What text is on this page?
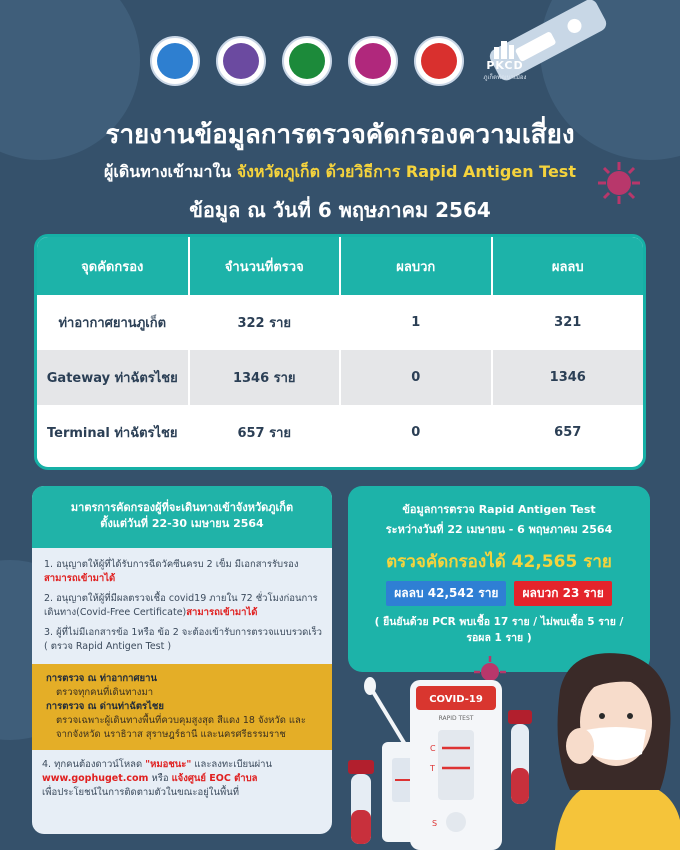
PKCD
ภูเก็ตพัฒนาเมือง
รายงานข้อมูลการตรวจคัดกรองความเสี่ยง
ผู้เดินทางเข้ามาใน จังหวัดภูเก็ต ด้วยวิธีการ Rapid Antigen Test
ข้อมูล ณ วันที่ 6 พฤษภาคม 2564
จุดคัดกรอง	จำนวนที่ตรวจ	ผลบวก	ผลลบ
ท่าอากาศยานภูเก็ต	322 ราย	1	321
Gateway ท่าฉัตรไชย	1346 ราย	0	1346
Terminal ท่าฉัตรไชย	657 ราย	0	657
มาตรการคัดกรองผู้ที่จะเดินทางเข้าจังหวัดภูเก็ต
ตั้งแต่วันที่ 22-30 เมษายน 2564

1. อนุญาตให้ผู้ที่ได้รับการฉีดวัคซีนครบ 2 เข็ม มีเอกสารรับรอง สามารถเข้ามาได้

2. อนุญาตให้ผู้ที่มีผลตรวจเชื้อ covid19 ภายใน 72 ชั่วโมงก่อนการเดินทาง(Covid-Free Certificate)สามารถเข้ามาได้

3. ผู้ที่ไม่มีเอกสารข้อ 1หรือ ข้อ 2 จะต้องเข้ารับการตรวจแบบรวดเร็ว ( ตรวจ Rapid Antigen Test )

การตรวจ ณ ท่าอากาศยาน
ตรวจทุกคนที่เดินทางมา
การตรวจ ณ ด่านท่าฉัตรไชย
ตรวจเฉพาะผู้เดินทางพื้นที่ควบคุมสูงสุด สีแดง 18 จังหวัด และจากจังหวัด นราธิวาส สุราษฎร์ธานี และนครศรีธรรมราช
4. ทุกคนต้องดาวน์โหลด "หมอชนะ" และลงทะเบียนผ่าน
www.gophuget.com หรือ แจ้งศูนย์ EOC ตำบล
เพื่อประโยชน์ในการติดตามตัวในขณะอยู่ในพื้นที่
ข้อมูลการตรวจ Rapid Antigen Test
ระหว่างวันที่ 22 เมษายน - 6 พฤษภาคม 2564
ตรวจคัดกรองได้ 42,565 ราย
ผลลบ 42,542 ราย	ผลบวก 23 ราย
( ยืนยันด้วย PCR พบเชื้อ 17 ราย / ไม่พบเชื้อ 5 ราย /
รอผล 1 ราย )
COVID-19
RAPID TEST
C
T
S
